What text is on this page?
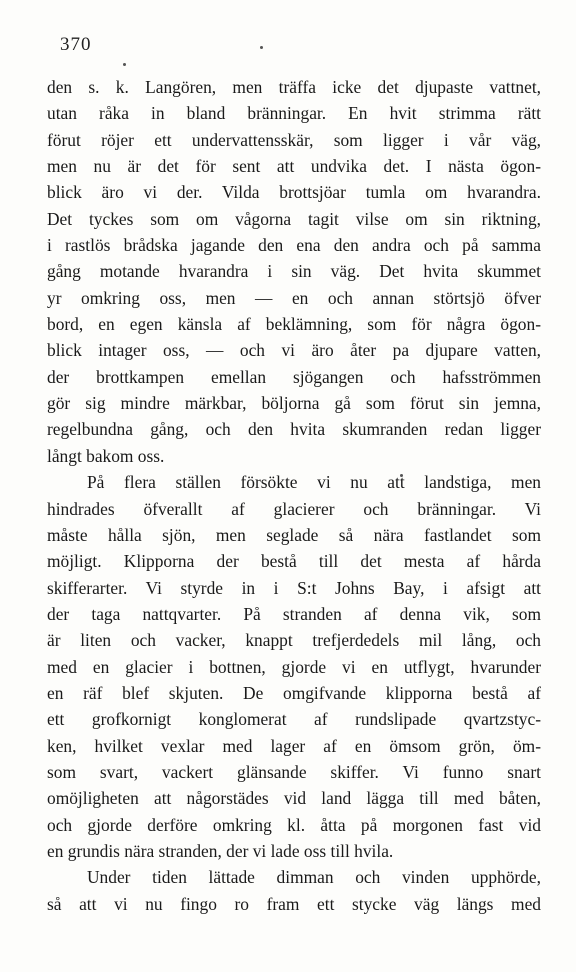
370
den s. k. Langören, men träffa icke det djupaste vattnet,
utan råka in bland bränningar. En hvit strimma rätt
förut röjer ett undervattensskär, som ligger i vår väg,
men nu är det för sent att undvika det. I nästa ögon-
blick äro vi der. Vilda brottsjöar tumla om hvarandra.
Det tyckes som om vågorna tagit vilse om sin riktning,
i rastlös brådska jagande den ena den andra och på samma
gång motande hvarandra i sin väg. Det hvita skummet
yr omkring oss, men — en och annan störtsjö öfver
bord, en egen känsla af beklämning, som för några ögon-
blick intager oss, — och vi äro åter pa djupare vatten,
der brottkampen emellan sjögangen och hafsströmmen
gör sig mindre märkbar, böljorna gå som förut sin jemna,
regelbundna gång, och den hvita skumranden redan ligger
långt bakom oss.
På flera ställen försökte vi nu att landstiga, men
hindrades öfverallt af glacierer och bränningar. Vi
måste hålla sjön, men seglade så nära fastlandet som
möjligt. Klipporna der bestå till det mesta af hårda
skifferarter. Vi styrde in i S:t Johns Bay, i afsigt att
der taga nattqvarter. På stranden af denna vik, som
är liten och vacker, knappt trefjerdedels mil lång, och
med en glacier i bottnen, gjorde vi en utflygt, hvarunder
en räf blef skjuten. De omgifvande klipporna bestå af
ett grofkornigt konglomerat af rundslipade qvartzstyc-
ken, hvilket vexlar med lager af en ömsom grön, öm-
som svart, vackert glänsande skiffer. Vi funno snart
omöjligheten att någorstädes vid land lägga till med båten,
och gjorde derföre omkring kl. åtta på morgonen fast vid
en grundis nära stranden, der vi lade oss till hvila.
Under tiden lättade dimman och vinden upphörde,
så att vi nu fingo ro fram ett stycke väg längs med
